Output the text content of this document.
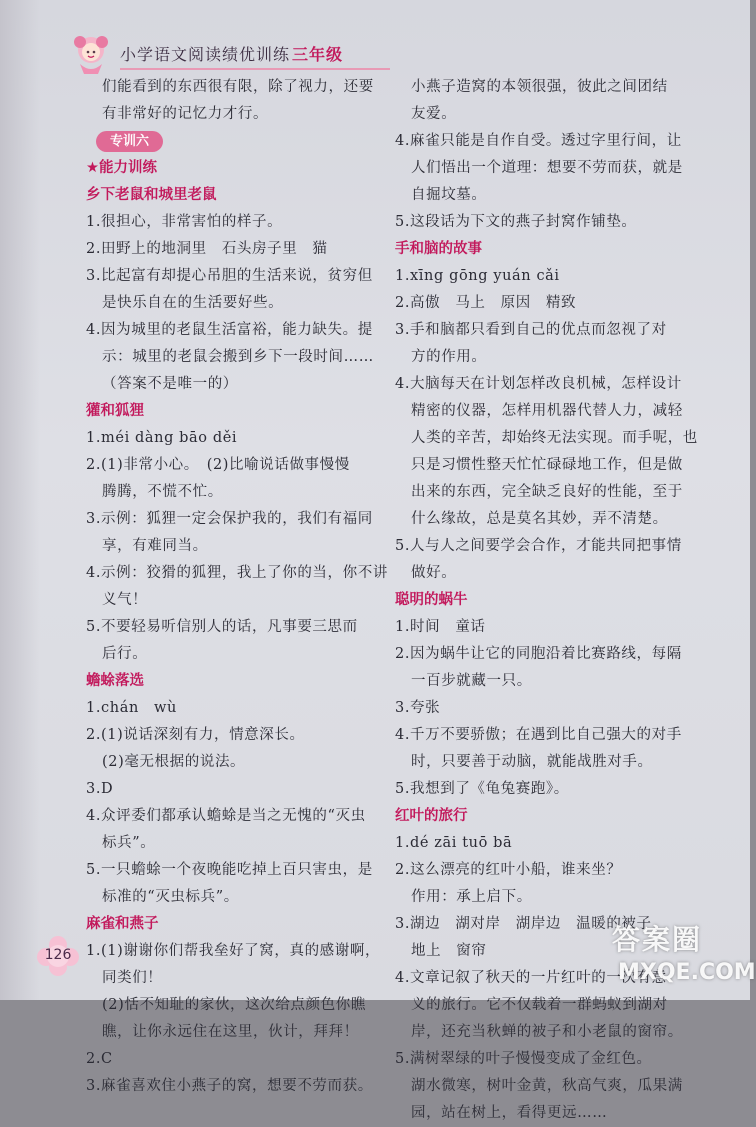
小学语文阅读绩优训练 三年级
们能看到的东西很有限，除了视力，还要
有非常好的记忆力才行。
专训六
★能力训练
乡下老鼠和城里老鼠
1.很担心，非常害怕的样子。
2.田野上的地洞里　石头房子里　猫
3.比起富有却提心吊胆的生活来说，贫穷但
是快乐自在的生活要好些。
4.因为城里的老鼠生活富裕，能力缺失。提
示：城里的老鼠会搬到乡下一段时间……
（答案不是唯一的）
獾和狐狸
1.méi dàng bāo děi
2.(1)非常小心。　(2)比喻说话做事慢慢
腾腾，不慌不忙。
3.示例：狐狸一定会保护我的，我们有福同
享，有难同当。
4.示例：狡猾的狐狸，我上了你的当，你不讲
义气！
5.不要轻易听信别人的话，凡事要三思而
后行。
蟾蜍落选
1.chán　wù
2.(1)说话深刻有力，情意深长。
(2)毫无根据的说法。
3.D
4.众评委们都承认蟾蜍是当之无愧的“灭虫
标兵”。
5.一只蟾蜍一个夜晚能吃掉上百只害虫，是
标准的“灭虫标兵”。
麻雀和燕子
1.(1)谢谢你们帮我垒好了窝，真的感谢啊，
同类们！
(2)恬不知耻的家伙，这次给点颜色你瞧
瞧，让你永远住在这里，伙计，拜拜！
2.C
3.麻雀喜欢住小燕子的窝，想要不劳而获。
小燕子造窝的本领很强，彼此之间团结
友爱。
4.麻雀只能是自作自受。透过字里行间，让
人们悟出一个道理：想要不劳而获，就是
自掘坟墓。
5.这段话为下文的燕子封窝作铺垫。
手和脑的故事
1.xīng gōng yuán cǎi
2.高傲　马上　原因　精致
3.手和脑都只看到自己的优点而忽视了对
方的作用。
4.大脑每天在计划怎样改良机械，怎样设计
精密的仪器，怎样用机器代替人力，减轻
人类的辛苦，却始终无法实现。而手呢，也
只是习惯性整天忙忙碌碌地工作，但是做
出来的东西，完全缺乏良好的性能，至于
什么缘故，总是莫名其妙，弄不清楚。
5.人与人之间要学会合作，才能共同把事情
做好。
聪明的蜗牛
1.时间　童话
2.因为蜗牛让它的同胞沿着比赛路线，每隔
一百步就藏一只。
3.夸张
4.千万不要骄傲；在遇到比自己强大的对手
时，只要善于动脑，就能战胜对手。
5.我想到了《龟兔赛跑》。
红叶的旅行
1.dé zāi tuō bā
2.这么漂亮的红叶小船，谁来坐？
作用：承上启下。
3.湖边　湖对岸　湖岸边　温暖的被子
地上　窗帘
4.文章记叙了秋天的一片红叶的一次有意
义的旅行。它不仅载着一群蚂蚁到湖对
岸，还充当秋蝉的被子和小老鼠的窗帘。
5.满树翠绿的叶子慢慢变成了金红色。
湖水微寒，树叶金黄，秋高气爽，瓜果满
园，站在树上，看得更远……
126	答案圈
MXQE.COM
